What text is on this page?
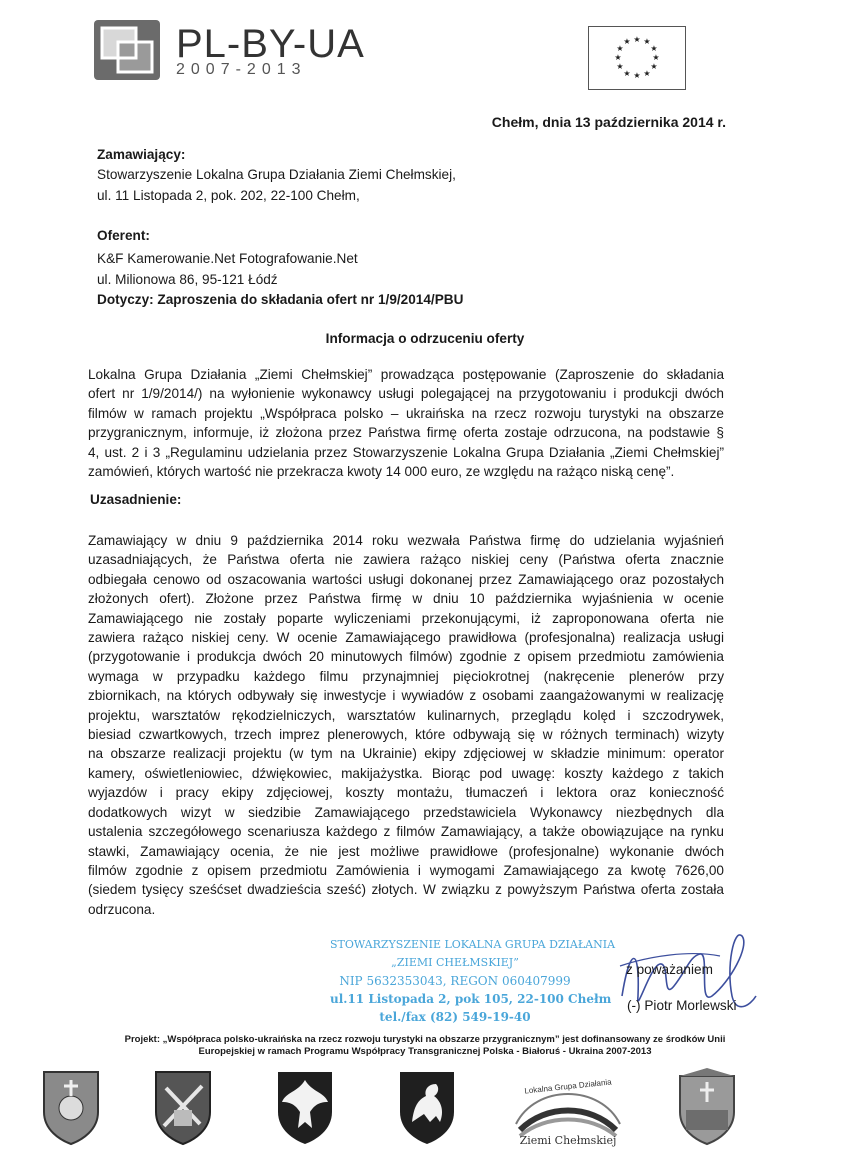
PL-BY-UA
2007-2013
★ ★
★
★
★
★
★
★
★
★
★
★
Chełm, dnia 13 października 2014 r.
Zamawiający:
Stowarzyszenie Lokalna Grupa Działania Ziemi Chełmskiej,
ul. 11 Listopada 2, pok. 202, 22-100 Chełm,
Oferent:
K&F Kamerowanie.Net Fotografowanie.Net
ul. Milionowa 86, 95-121 Łódź
Dotyczy: Zaproszenia do składania ofert nr 1/9/2014/PBU
Informacja o odrzuceniu oferty
Lokalna Grupa Działania „Ziemi Chełmskiej” prowadząca postępowanie (Zaproszenie do składania
ofert nr 1/9/2014/) na wyłonienie wykonawcy usługi polegającej na przygotowaniu i produkcji dwóch
filmów w ramach projektu „Współpraca polsko – ukraińska na rzecz rozwoju turystyki na obszarze
przygranicznym, informuje, iż złożona przez Państwa firmę oferta zostaje odrzucona, na podstawie §
4, ust. 2 i 3 „Regulaminu udzielania przez Stowarzyszenie Lokalna Grupa Działania „Ziemi Chełmskiej”
zamówień, których wartość nie przekracza kwoty 14 000 euro, ze względu na rażąco niską cenę”.
Uzasadnienie:
Zamawiający w dniu 9 października 2014 roku wezwała Państwa firmę do udzielania wyjaśnień
uzasadniających, że Państwa oferta nie zawiera rażąco niskiej ceny (Państwa oferta znacznie
odbiegała cenowo od oszacowania wartości usługi dokonanej przez Zamawiającego oraz pozostałych
złożonych ofert). Złożone przez Państwa firmę w dniu 10 października wyjaśnienia w ocenie
Zamawiającego nie zostały poparte wyliczeniami przekonującymi, iż zaproponowana oferta nie
zawiera rażąco niskiej ceny. W ocenie Zamawiającego prawidłowa (profesjonalna) realizacja usługi
(przygotowanie i produkcja dwóch 20 minutowych filmów) zgodnie z opisem przedmiotu zamówienia
wymaga w przypadku każdego filmu przynajmniej pięciokrotnej (nakręcenie plenerów przy
zbiornikach, na których odbywały się inwestycje i wywiadów z osobami zaangażowanymi w realizację
projektu, warsztatów rękodzielniczych, warsztatów kulinarnych, przeglądu kolęd i szczodrywek,
biesiad czwartkowych, trzech imprez plenerowych, które odbywają się w różnych terminach) wizyty
na obszarze realizacji projektu (w tym na Ukrainie) ekipy zdjęciowej w składzie minimum: operator
kamery, oświetleniowiec, dźwiękowiec, makijażystka. Biorąc pod uwagę: koszty każdego z takich
wyjazdów i pracy ekipy zdjęciowej, koszty montażu, tłumaczeń i lektora oraz konieczność
dodatkowych wizyt w siedzibie Zamawiającego przedstawiciela Wykonawcy niezbędnych dla
ustalenia szczegółowego scenariusza każdego z filmów Zamawiający, a także obowiązujące na rynku
stawki, Zamawiający ocenia, że nie jest możliwe prawidłowe (profesjonalne) wykonanie dwóch
filmów zgodnie z opisem przedmiotu Zamówienia i wymogami Zamawiającego za kwotę 7626,00
(siedem tysięcy sześćset dwadzieścia sześć) złotych. W związku z powyższym Państwa oferta została
odrzucona.
STOWARZYSZENIE LOKALNA GRUPA DZIAŁANIA
„ZIEMI CHEŁMSKIEJ”
NIP 5632353043, REGON 060407999
ul.11 Listopada 2, pok 105, 22-100 Chełm
tel./fax (82) 549-19-40
z poważaniem
(-) Piotr Morlewski
Projekt: „Współpraca polsko-ukraińska na rzecz rozwoju turystyki na obszarze przygranicznym” jest dofinansowany ze środków Unii
Europejskiej w ramach Programu Współpracy Transgranicznej Polska - Białoruś - Ukraina 2007-2013
Lokalna Grupa Działania
Ziemi Chełmskiej
